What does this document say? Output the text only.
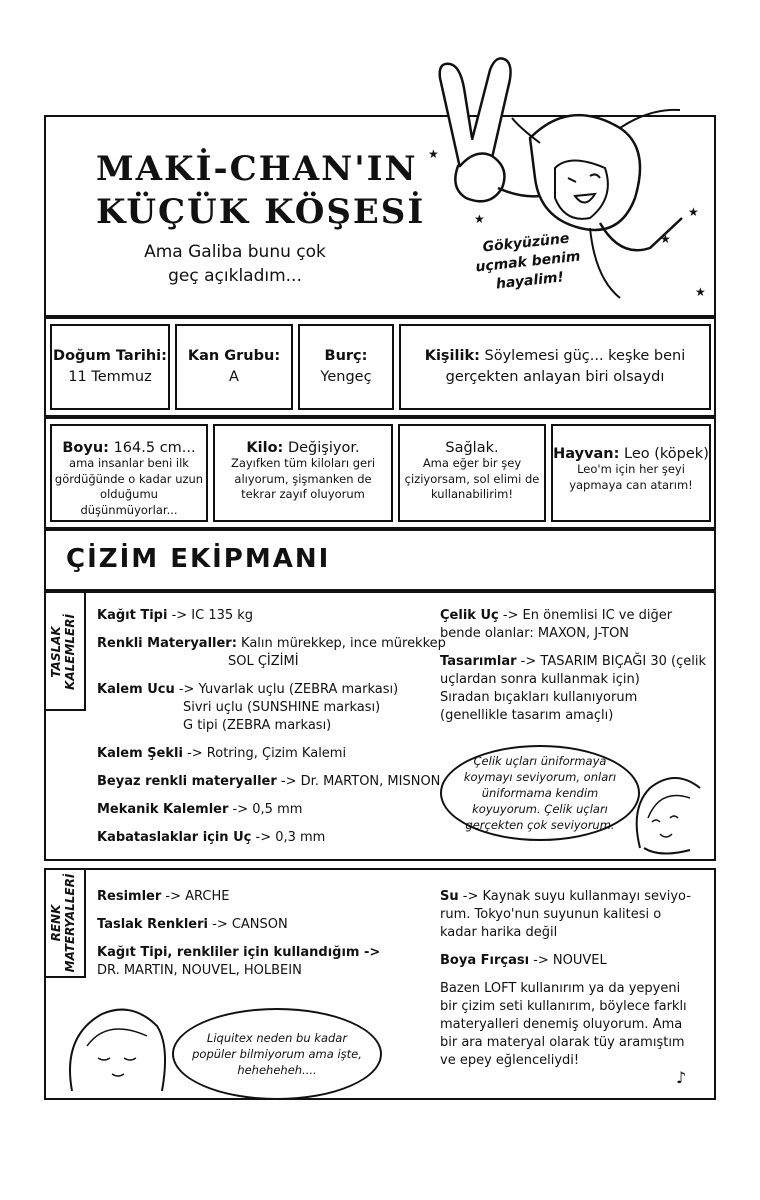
MAKİ-CHAN'IN
KÜÇÜK KÖŞESİ
Ama Galiba bunu çok
geç açıkladım...
★
★
★
★
★
Gökyüzüne
uçmak benim
hayalim!
Doğum Tarihi:
11 Temmuz
Kan Grubu:
A
Burç:
Yengeç
Kişilik: Söylemesi güç... keşke beni
gerçekten anlayan biri olsaydı
Boyu: 164.5 cm...
ama insanlar beni ilk gördüğünde o kadar uzun olduğumu düşünmüyorlar...
Kilo: Değişiyor.
Zayıfken tüm kiloları geri alıyorum, şişmanken de tekrar zayıf oluyorum
Sağlak.
Ama eğer bir şey çiziyorsam, sol elimi de kullanabilirim!
Hayvan: Leo (köpek)
Leo'm için her şeyi yapmaya can atarım!
ÇİZİM EKİPMANI
TASLAK KALEMLERİ Kağıt Tipi -> IC 135 kg
Renkli Materyaller: Kalın mürekkep, ince mürekkep
SOL ÇİZİMİ
Kalem Ucu -> Yuvarlak uçlu (ZEBRA markası)
Sivri uçlu (SUNSHINE markası)
G tipi (ZEBRA markası)
Kalem Şekli -> Rotring, Çizim Kalemi
Beyaz renkli materyaller -> Dr. MARTON, MISNON
Mekanik Kalemler -> 0,5 mm
Kabataslaklar için Uç -> 0,3 mm
Çelik Uç -> En önemlisi IC ve diğer
bende olanlar: MAXON, J-TON
Tasarımlar -> TASARIM BIÇAĞI 30 (çelik
uçlardan sonra kullanmak için)
Sıradan bıçakları kullanıyorum
(genellikle tasarım amaçlı)
Çelik uçları üniformaya koymayı seviyorum, onları üniformama kendim koyuyorum. Çelik uçları gerçekten çok seviyorum.
RENK MATERYALLERİ Resimler -> ARCHE
Taslak Renkleri -> CANSON
Kağıt Tipi, renkliler için kullandığım ->
DR. MARTIN, NOUVEL, HOLBEIN
Su -> Kaynak suyu kullanmayı seviyo-
rum. Tokyo'nun suyunun kalitesi o
kadar harika değil
Boya Fırçası -> NOUVEL
Bazen LOFT kullanırım ya da yepyeni
bir çizim seti kullanırım, böylece farklı
materyalleri denemiş oluyorum. Ama
bir ara materyal olarak tüy aramıştım
ve epey eğlenceliydi!
♪
Liquitex neden bu kadar popüler bilmiyorum ama işte, heheheheh....
